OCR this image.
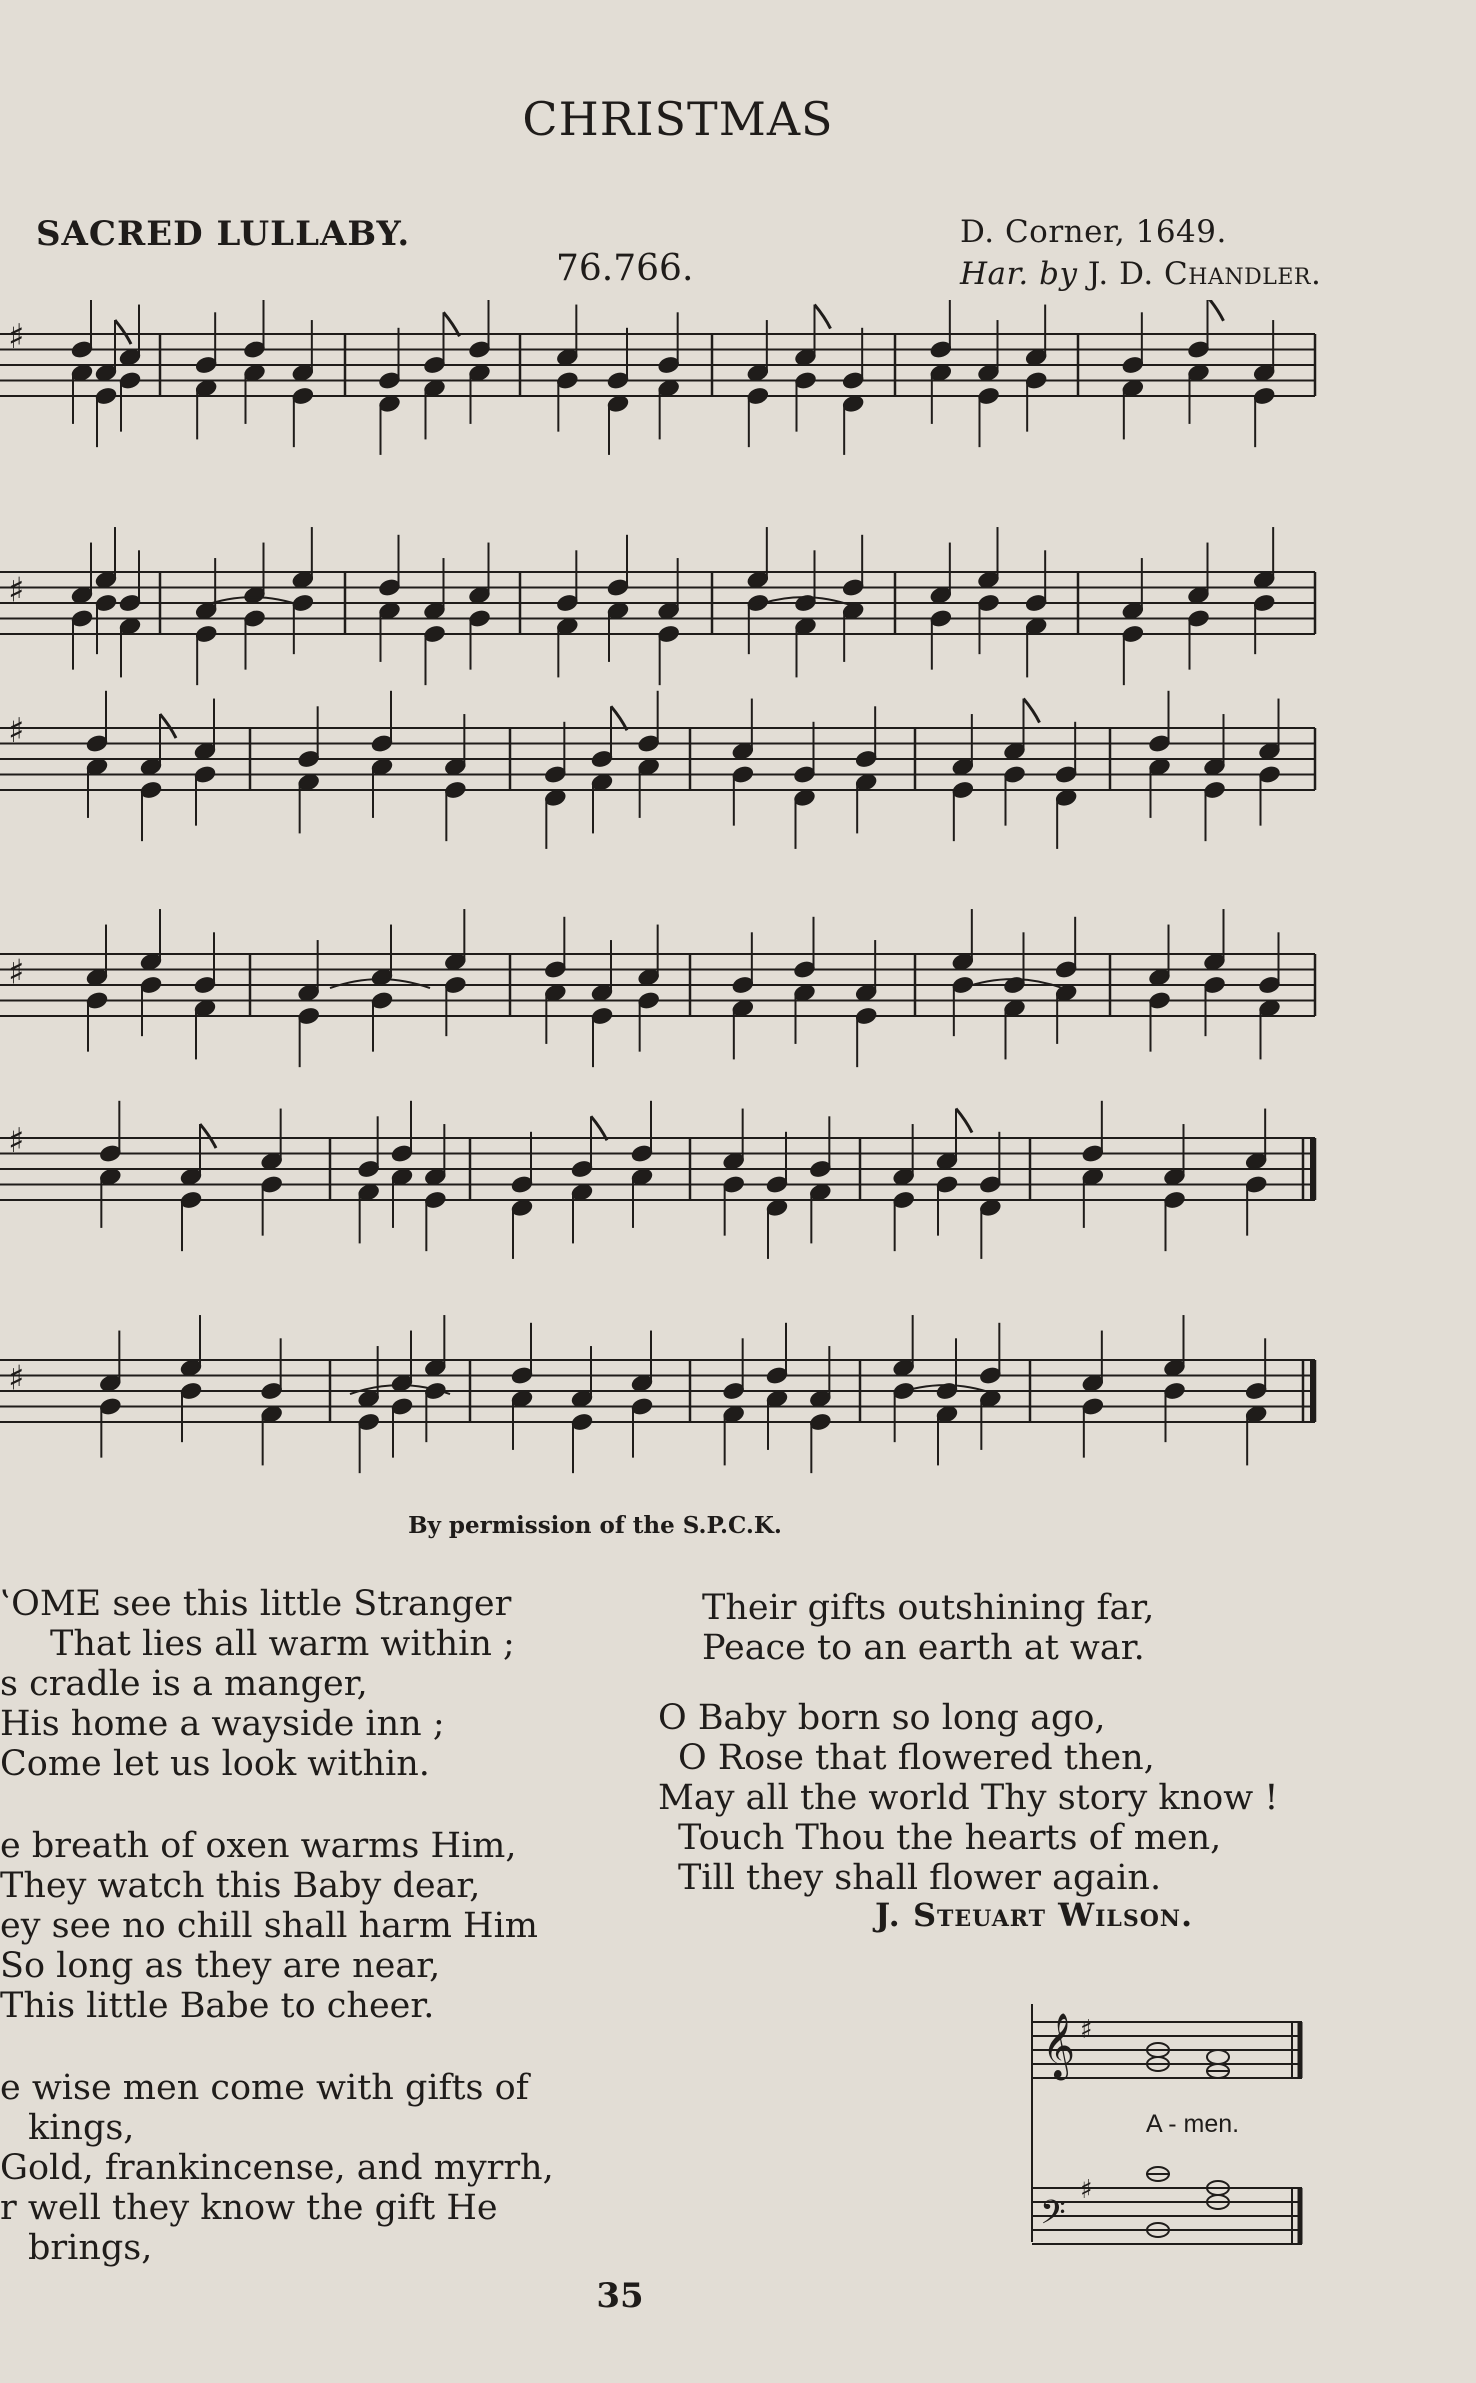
CHRISTMAS
SACRED LULLABY.
76.766.
D. Corner, 1649.
Har. by J. D. Chandler.
♯
♯
♯
♯
♯
♯
By permission of the S.P.C.K.
‛OME see this little Stranger
That lies all warm within ;
s cradle is a manger,
His home a wayside inn ;
Come let us look within.
e breath of oxen warms Him,
They watch this Baby dear,
ey see no chill shall harm Him
So long as they are near,
This little Babe to cheer.
e wise men come with gifts of
kings,
Gold, frankincense, and myrrh,
r well they know the gift He
brings,
Their gifts outshining far,
Peace to an earth at war.
O Baby born so long ago,
O Rose that flowered then,
May all the world Thy story know !
Touch Thou the hearts of men,
Till they shall flower again.
J. Steuart Wilson.
𝄞 ♯
𝄢
♯
A - men.
35
